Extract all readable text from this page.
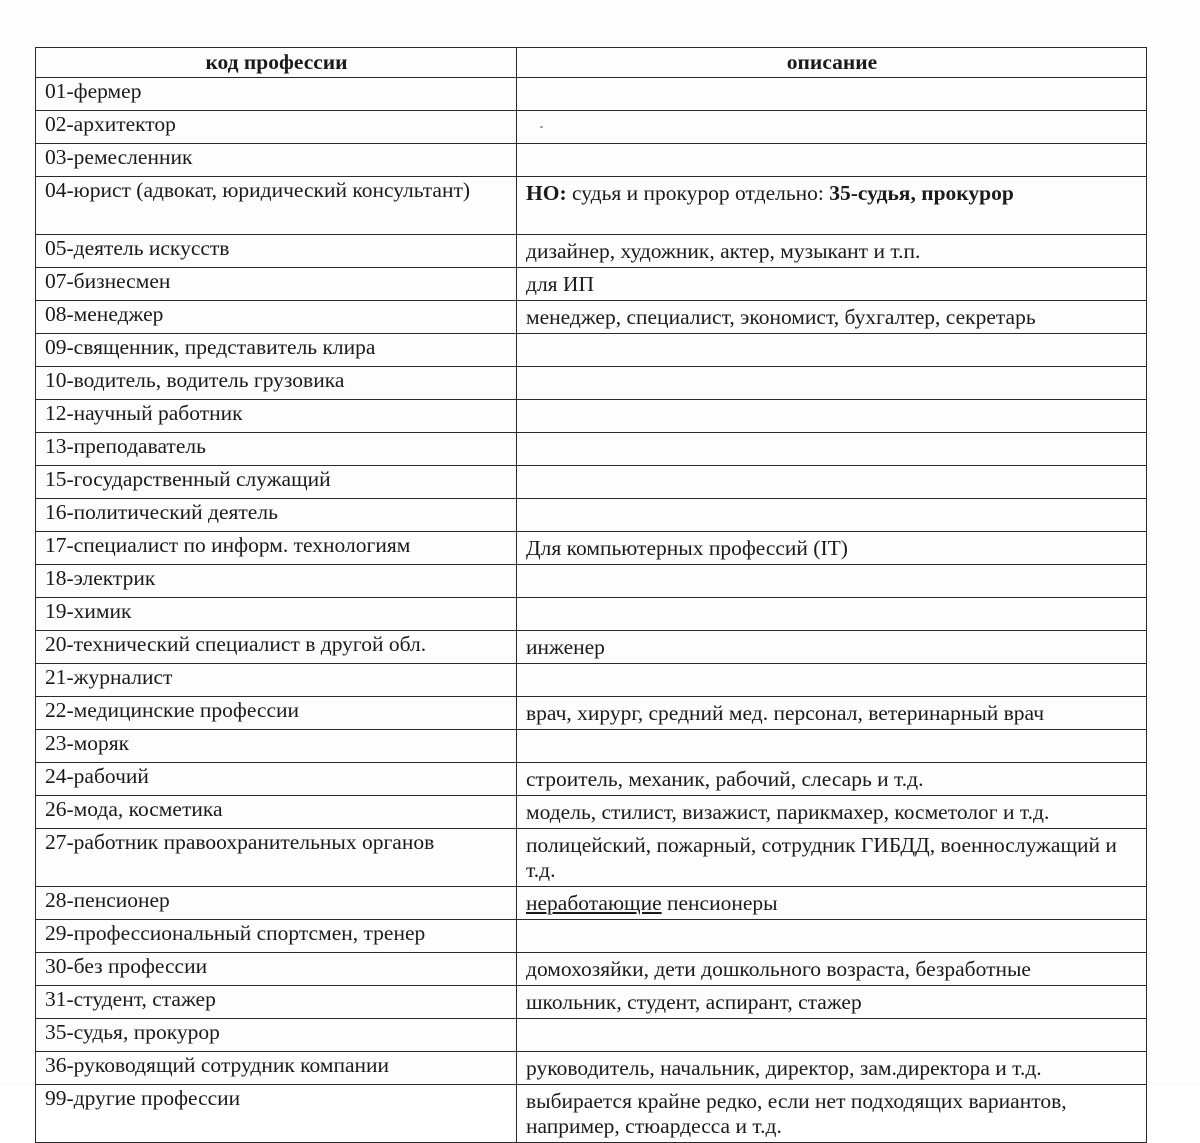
код профессии	описание
01-фермер	
02-архитектор	
03-ремесленник	
04-юрист (адвокат, юридический консультант)	НО: судья и прокурор отдельно: 35-судья, прокурор
05-деятель искусств	дизайнер, художник, актер, музыкант и т.п.
07-бизнесмен	для ИП
08-менеджер	менеджер, специалист, экономист, бухгалтер, секретарь
09-священник, представитель клира	
10-водитель, водитель грузовика	
12-научный работник	
13-преподаватель	
15-государственный служащий	
16-политический деятель	
17-специалист по информ. технологиям	Для компьютерных профессий (IT)
18-электрик	
19-химик	
20-технический специалист в другой обл.	инженер
21-журналист	
22-медицинские профессии	врач, хирург, средний мед. персонал, ветеринарный врач
23-моряк	
24-рабочий	строитель, механик, рабочий, слесарь и т.д.
26-мода, косметика	модель, стилист, визажист, парикмахер, косметолог и т.д.
27-работник правоохранительных органов	полицейский, пожарный, сотрудник ГИБДД, военнослужащий и т.д.
28-пенсионер	неработающие пенсионеры
29-профессиональный спортсмен, тренер	
30-без профессии	домохозяйки, дети дошкольного возраста, безработные
31-студент, стажер	школьник, студент, аспирант, стажер
35-судья, прокурор	
36-руководящий сотрудник компании	руководитель, начальник, директор, зам.директора и т.д.
99-другие профессии	выбирается крайне редко, если нет подходящих вариантов, например, стюардесса и т.д.
